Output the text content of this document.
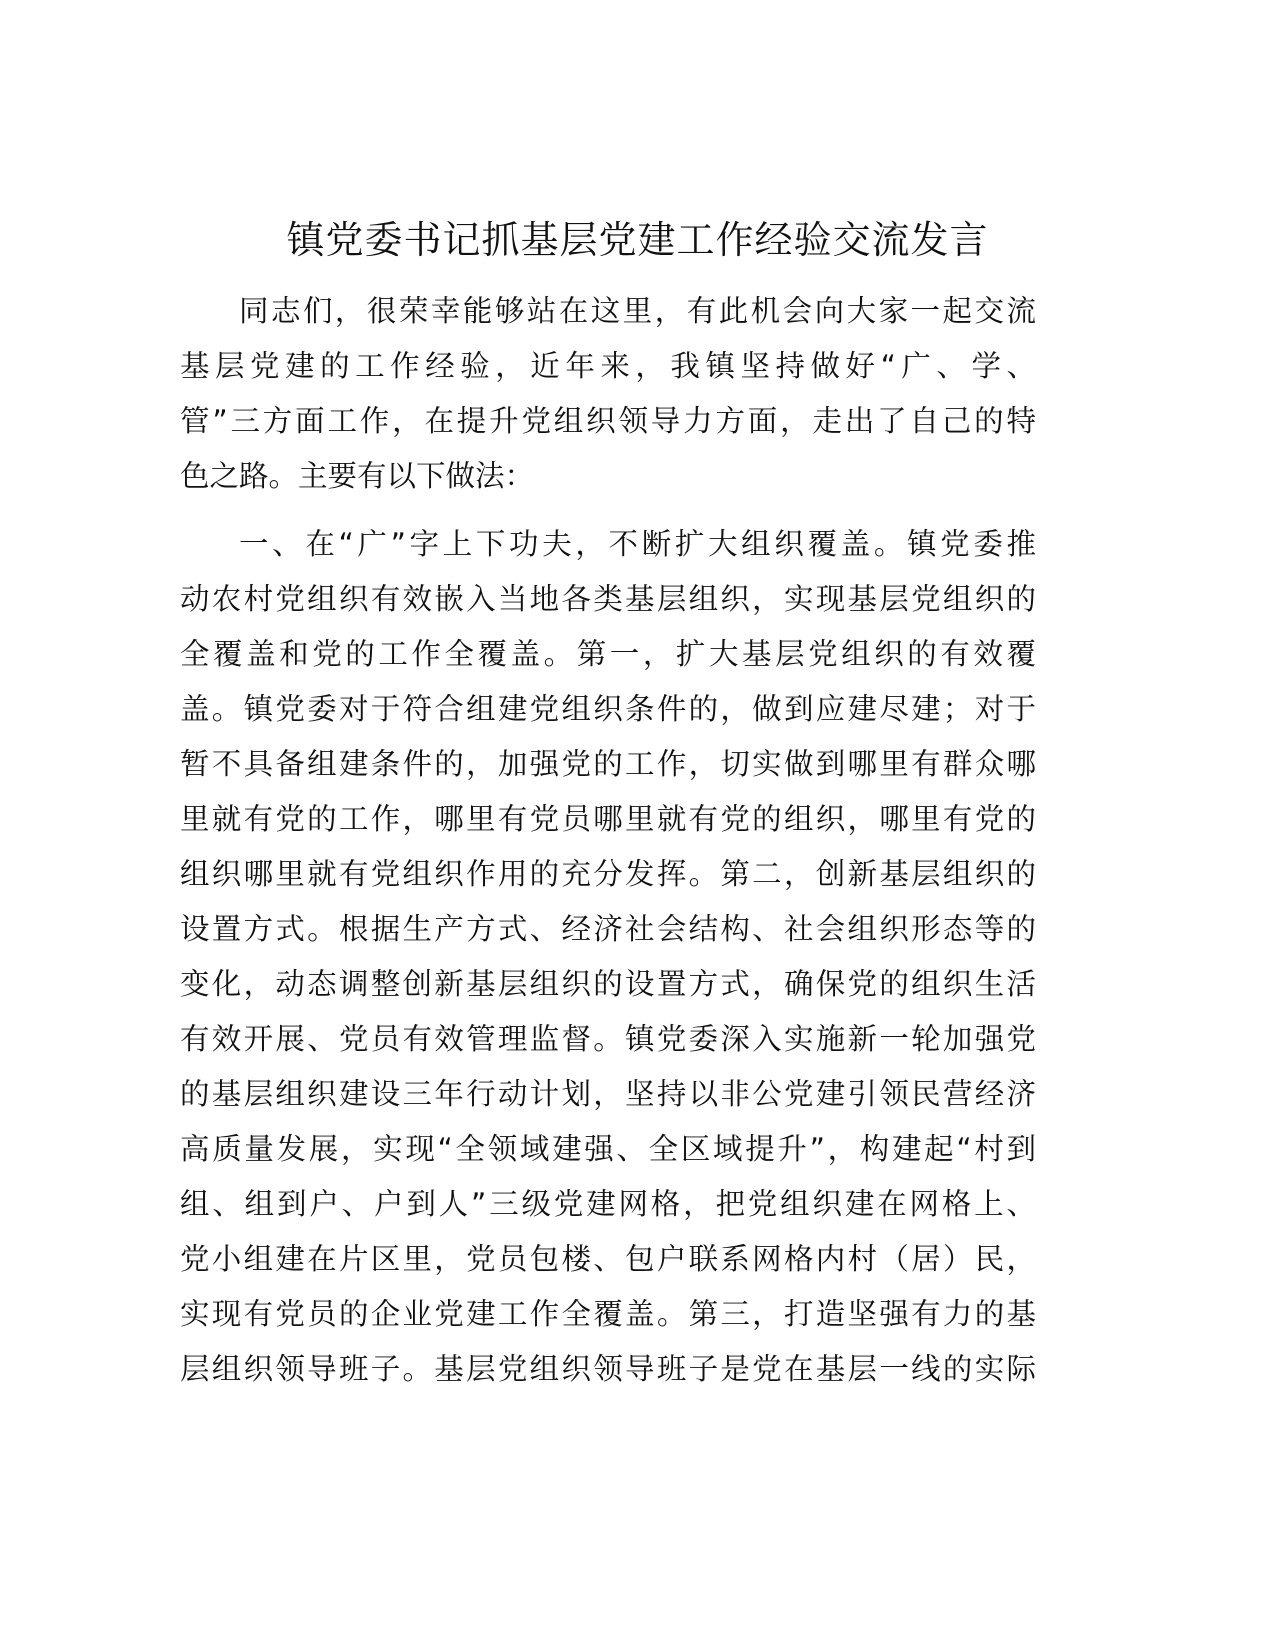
镇党委书记抓基层党建工作经验交流发言
同志们，很荣幸能够站在这里，有此机会向大家一起交流
基层党建的工作经验，近年来，我镇坚持做好“广、学、
管”三方面工作，在提升党组织领导力方面，走出了自己的特
色之路。主要有以下做法：
一、在“广”字上下功夫，不断扩大组织覆盖。镇党委推
动农村党组织有效嵌入当地各类基层组织，实现基层党组织的
全覆盖和党的工作全覆盖。第一，扩大基层党组织的有效覆
盖。镇党委对于符合组建党组织条件的，做到应建尽建；对于
暂不具备组建条件的，加强党的工作，切实做到哪里有群众哪
里就有党的工作，哪里有党员哪里就有党的组织，哪里有党的
组织哪里就有党组织作用的充分发挥。第二，创新基层组织的
设置方式。根据生产方式、经济社会结构、社会组织形态等的
变化，动态调整创新基层组织的设置方式，确保党的组织生活
有效开展、党员有效管理监督。镇党委深入实施新一轮加强党
的基层组织建设三年行动计划，坚持以非公党建引领民营经济
高质量发展，实现“全领域建强、全区域提升”，构建起“村到
组、组到户、户到人”三级党建网格，把党组织建在网格上、
党小组建在片区里，党员包楼、包户联系网格内村（居）民，
实现有党员的企业党建工作全覆盖。第三，打造坚强有力的基
层组织领导班子。基层党组织领导班子是党在基层一线的实际
